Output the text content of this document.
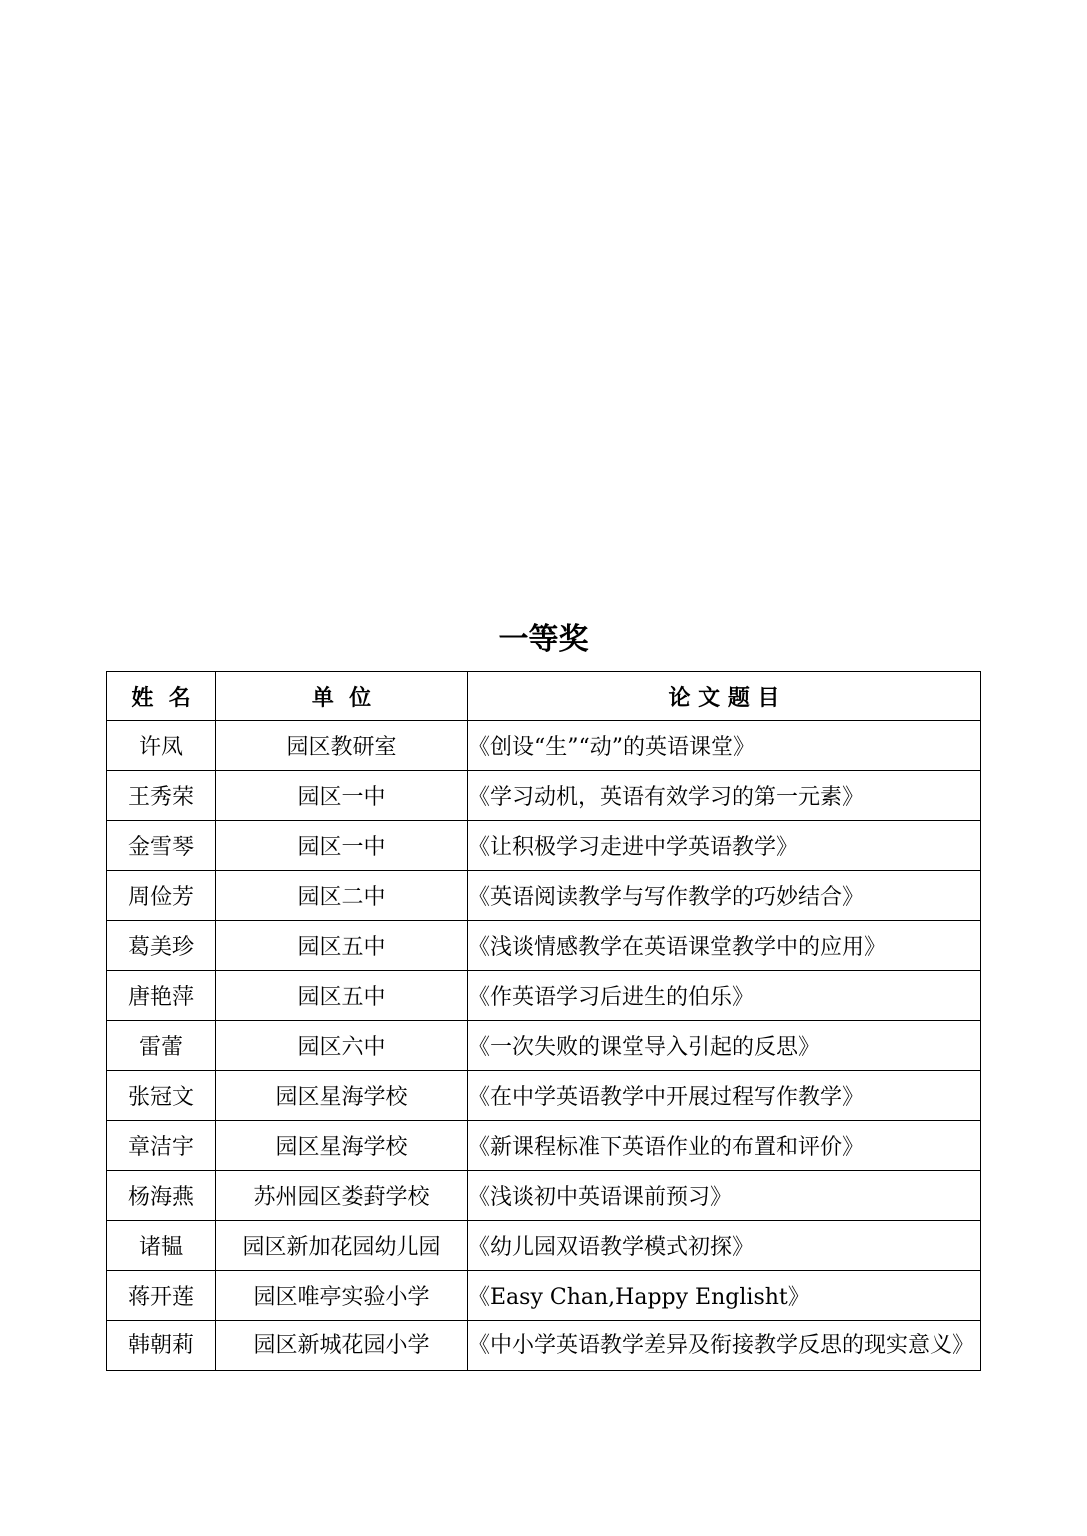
一等奖
姓  名	单  位	论 文 题 目
许凤	园区教研室	《创设“生”“动”的英语课堂》
王秀荣	园区一中	《学习动机，英语有效学习的第一元素》
金雪琴	园区一中	《让积极学习走进中学英语教学》
周俭芳	园区二中	《英语阅读教学与写作教学的巧妙结合》
葛美珍	园区五中	《浅谈情感教学在英语课堂教学中的应用》
唐艳萍	园区五中	《作英语学习后进生的伯乐》
雷蕾	园区六中	《一次失败的课堂导入引起的反思》
张冠文	园区星海学校	《在中学英语教学中开展过程写作教学》
章洁宇	园区星海学校	《新课程标准下英语作业的布置和评价》
杨海燕	苏州园区娄葑学校	《浅谈初中英语课前预习》
诸韫	园区新加花园幼儿园	《幼儿园双语教学模式初探》
蒋开莲	园区唯亭实验小学	《Easy Chan,Happy Englisht》
韩朝莉	园区新城花园小学	《中小学英语教学差异及衔接教学反思的现实意义》
